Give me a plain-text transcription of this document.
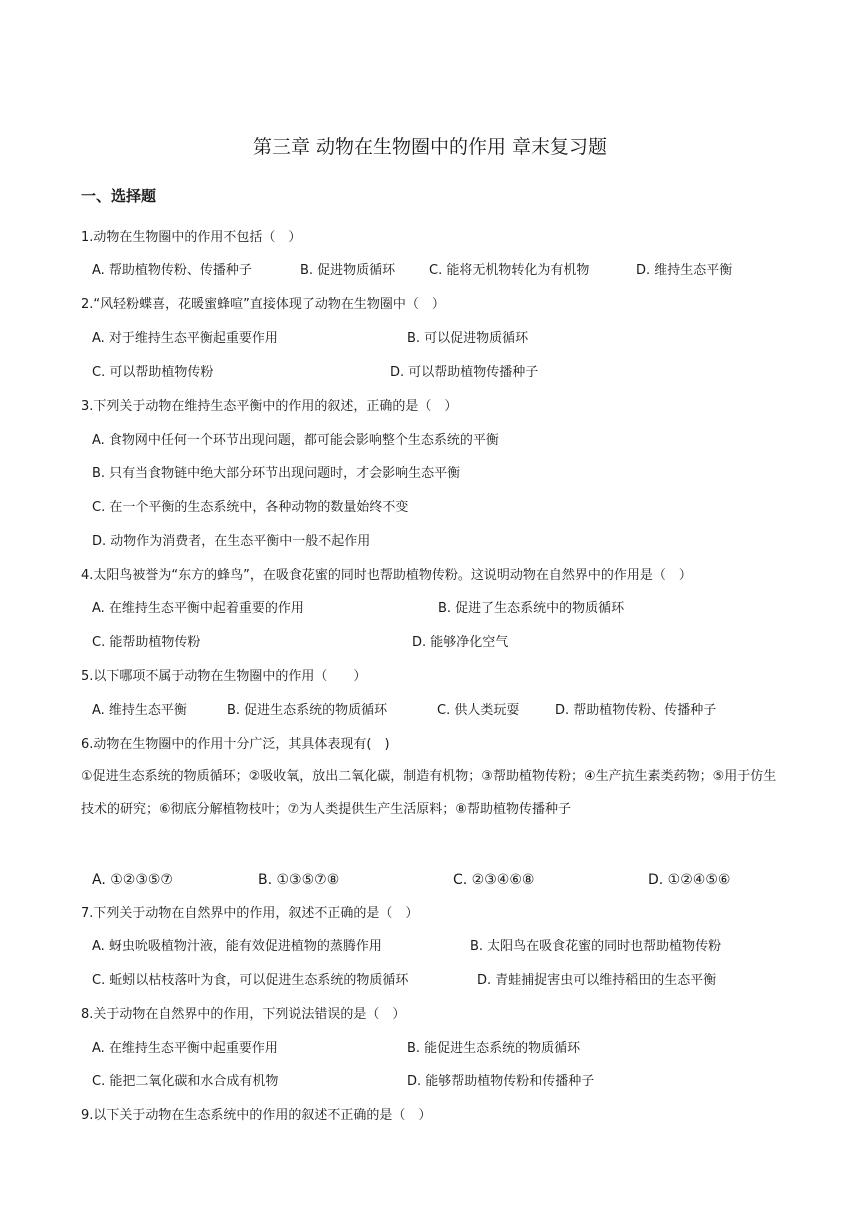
第三章 动物在生物圈中的作用 章末复习题
一、选择题
1.动物在生物圈中的作用不包括（　）
A. 帮助植物传粉、传播种子	B. 促进物质循环	C. 能将无机物转化为有机物	D. 维持生态平衡
2.“风轻粉蝶喜，花暖蜜蜂喧”直接体现了动物在生物圈中（　）
A. 对于维持生态平衡起重要作用	B. 可以促进物质循环
C. 可以帮助植物传粉	D. 可以帮助植物传播种子
3.下列关于动物在维持生态平衡中的作用的叙述，正确的是（　）
A. 食物网中任何一个环节出现问题，都可能会影响整个生态系统的平衡
B. 只有当食物链中绝大部分环节出现问题时，才会影响生态平衡
C. 在一个平衡的生态系统中，各种动物的数量始终不变
D. 动物作为消费者，在生态平衡中一般不起作用
4.太阳鸟被誉为“东方的蜂鸟”，在吸食花蜜的同时也帮助植物传粉。这说明动物在自然界中的作用是（　）
A. 在维持生态平衡中起着重要的作用	B. 促进了生态系统中的物质循环
C. 能帮助植物传粉	D. 能够净化空气
5.以下哪项不属于动物在生物圈中的作用（　　）
A. 维持生态平衡	B. 促进生态系统的物质循环	C. 供人类玩耍	D. 帮助植物传粉、传播种子
6.动物在生物圈中的作用十分广泛，其具体表现有(　)
①促进生态系统的物质循环；②吸收氧，放出二氧化碳，制造有机物；③帮助植物传粉；④生产抗生素类药物；⑤用于仿生技术的研究；⑥彻底分解植物枝叶；⑦为人类提供生产生活原料；⑧帮助植物传播种子
A. ①②③⑤⑦	B. ①③⑤⑦⑧	C. ②③④⑥⑧	D. ①②④⑤⑥
7.下列关于动物在自然界中的作用，叙述不正确的是（　）
A. 蚜虫吮吸植物汁液，能有效促进植物的蒸腾作用	B. 太阳鸟在吸食花蜜的同时也帮助植物传粉
C. 蚯蚓以枯枝落叶为食，可以促进生态系统的物质循环	D. 青蛙捕捉害虫可以维持稻田的生态平衡
8.关于动物在自然界中的作用，下列说法错误的是（　）
A. 在维持生态平衡中起重要作用	B. 能促进生态系统的物质循环
C. 能把二氧化碳和水合成有机物	D. 能够帮助植物传粉和传播种子
9.以下关于动物在生态系统中的作用的叙述不正确的是（　）
